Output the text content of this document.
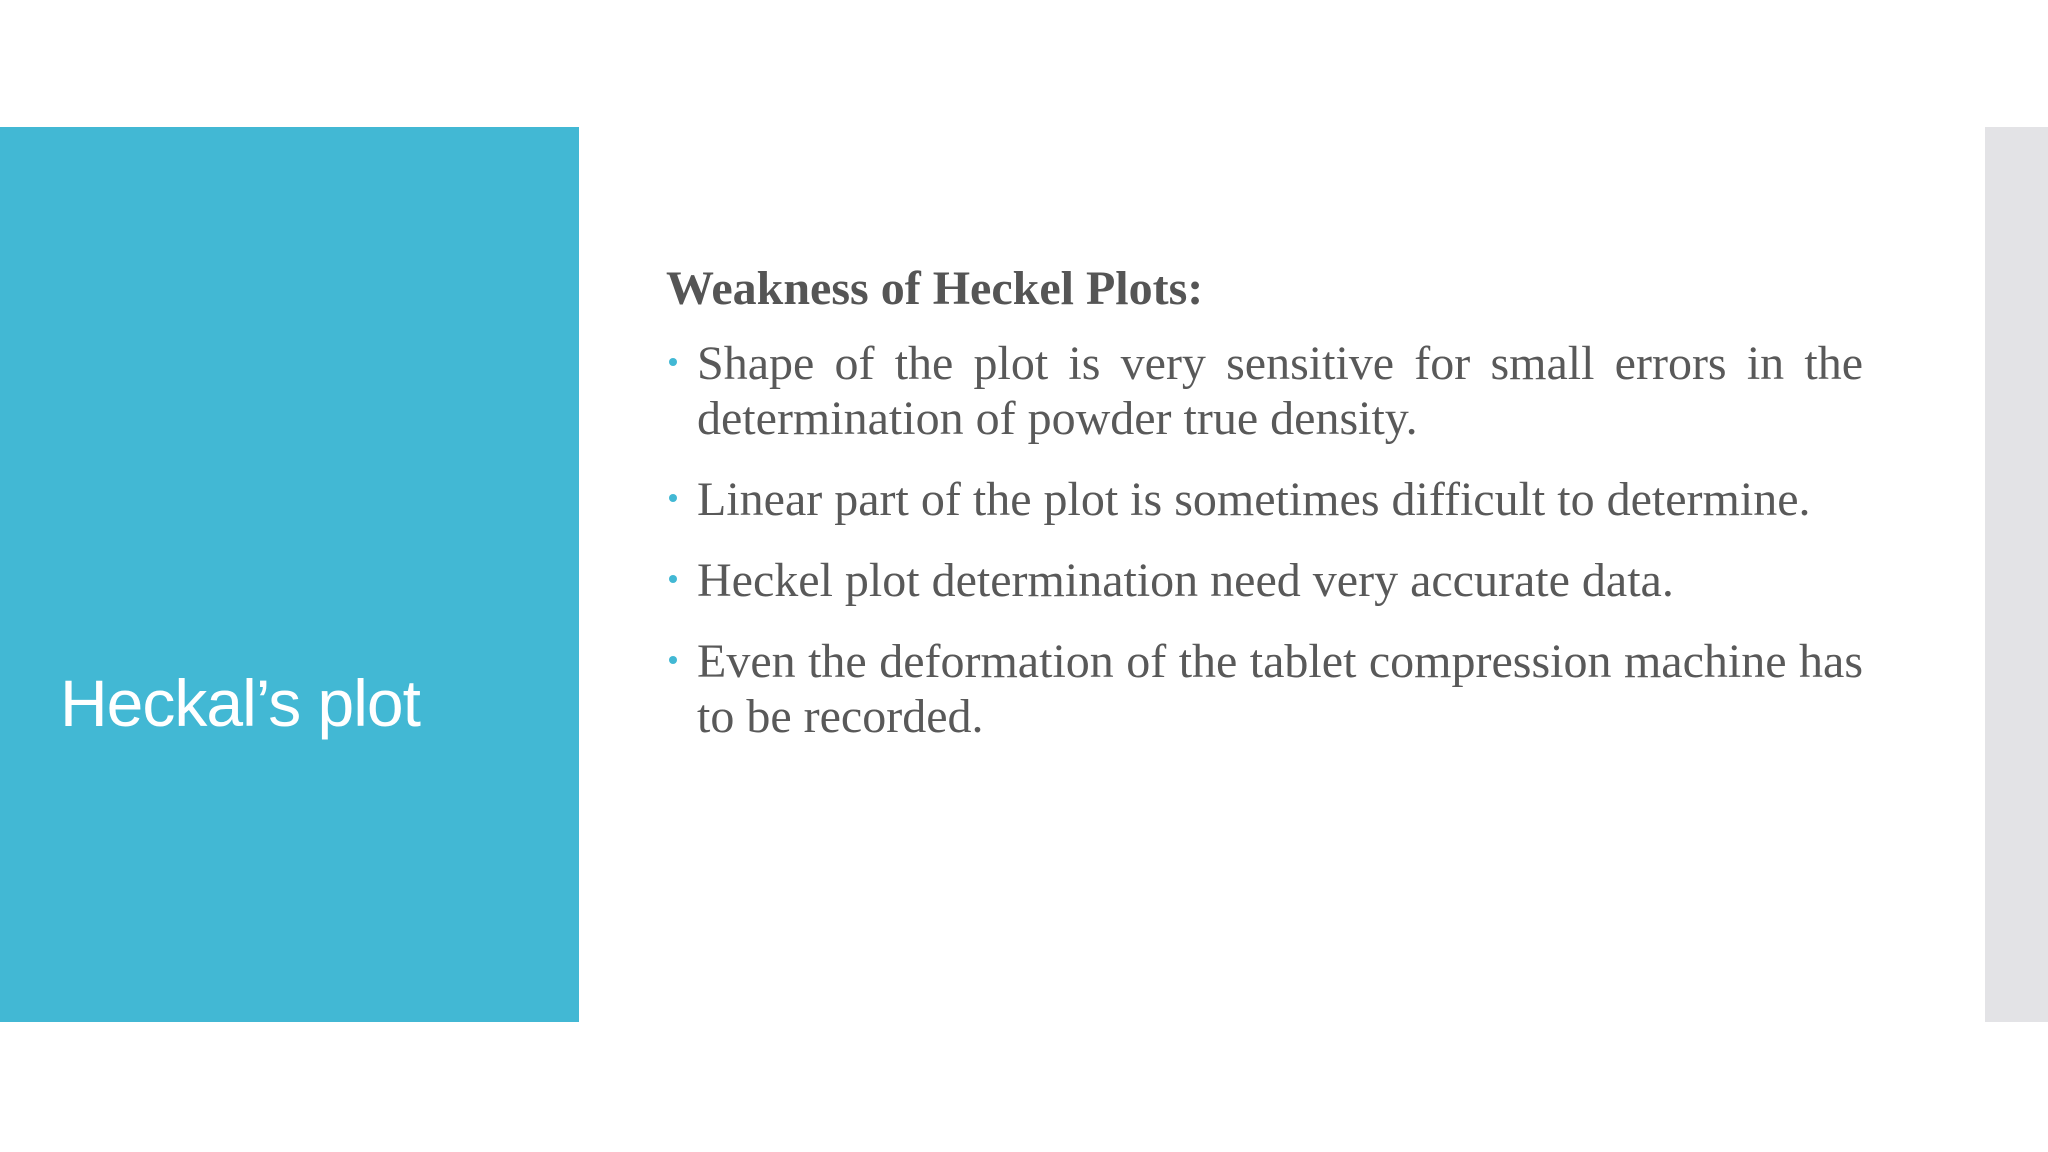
Heckal’s plot
Weakness of Heckel Plots:
Shape of the plot is very sensitive for small errors in the determination of powder true density.
Linear part of the plot is sometimes difficult to determine.
Heckel plot determination need very accurate data.
Even the deformation of the tablet compression machine has to be recorded.
